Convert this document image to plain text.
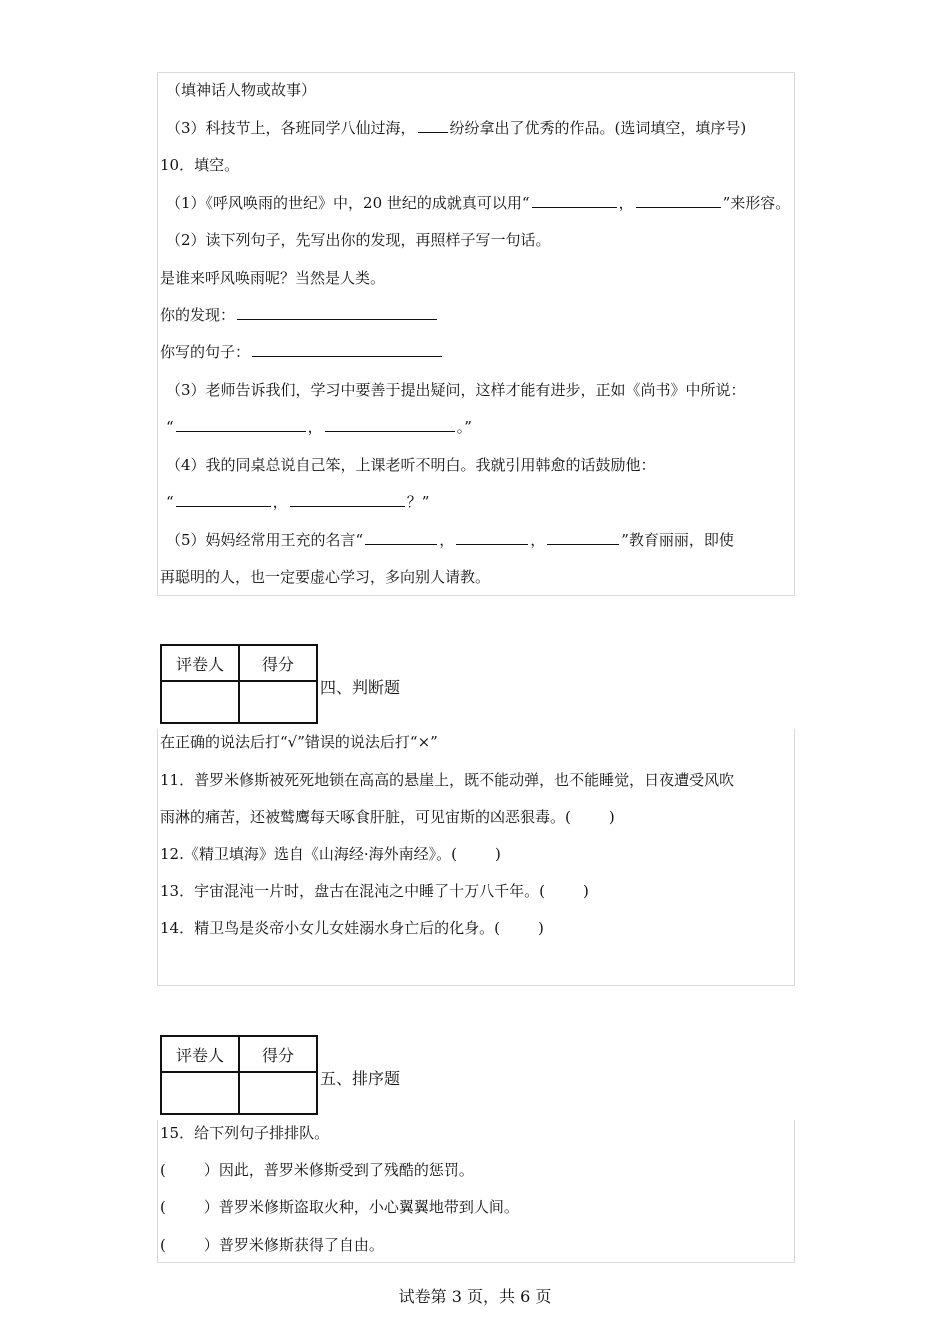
（填神话人物或故事）
（3）科技节上，各班同学八仙过海， 纷纷拿出了优秀的作品。(选词填空，填序号)
10．填空。
（1）《呼风唤雨的世纪》中，20 世纪的成就真可以用“	，	”来形容。
（2）读下列句子，先写出你的发现，再照样子写一句话。
是谁来呼风唤雨呢？当然是人类。
你的发现：
你写的句子：
（3）老师告诉我们，学习中要善于提出疑问，这样才能有进步，正如《尚书》中所说：
“	，	。”
（4）我的同桌总说自己笨，上课老听不明白。我就引用韩愈的话鼓励他：
“	，	？”
（5）妈妈经常用王充的名言“	，	，	”教育丽丽，即使
再聪明的人，也一定要虚心学习，多向别人请教。
评卷人	得分

四、判断题
在正确的说法后打“√”错误的说法后打“×”
11．普罗米修斯被死死地锁在高高的悬崖上，既不能动弹，也不能睡觉，日夜遭受风吹
雨淋的痛苦，还被鹫鹰每天啄食肝脏，可见宙斯的凶恶狠毒。(	)
12.《精卫填海》选自《山海经·海外南经》。(	)
13．宇宙混沌一片时，盘古在混沌之中睡了十万八千年。(	)
14．精卫鸟是炎帝小女儿女娃溺水身亡后的化身。(	)
评卷人	得分

五、排序题
15．给下列句子排排队。
(	）因此，普罗米修斯受到了残酷的惩罚。
(	）普罗米修斯盗取火种，小心翼翼地带到人间。
(	）普罗米修斯获得了自由。
试卷第 3 页，共 6 页
